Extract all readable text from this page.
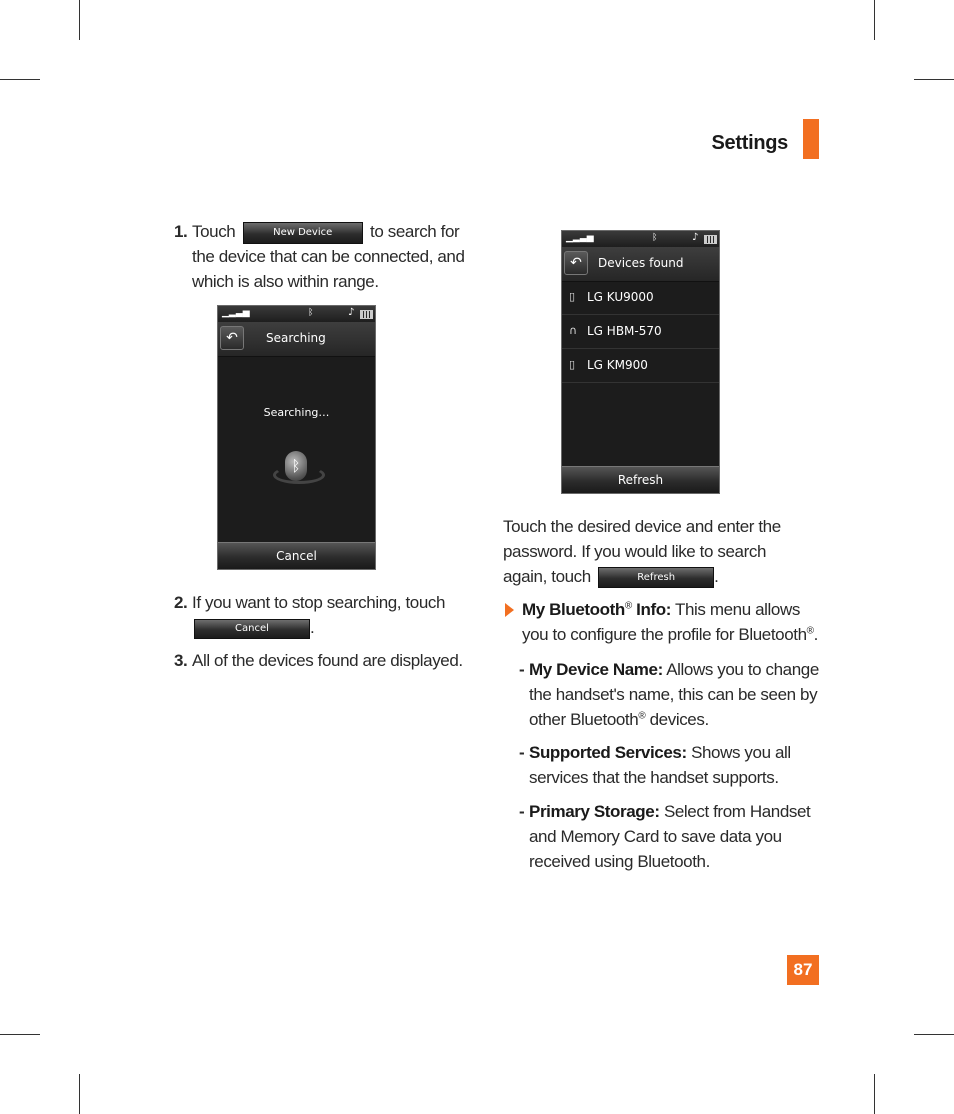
Settings
1. Touch	New Device to search for the device that can be connected, and which is also within range.
▁▂▃▅	ᛒ	♪
↶	Searching
Searching…
ᛒ
Cancel
2. If you want to stop searching, touch
Cancel .
3. All of the devices found are displayed.
▁▂▃▅	ᛒ	♪
↶	Devices found
▯ LG KU9000
∩ LG HBM-570
▯ LG KM900
Refresh
Touch the desired device and enter the password. If you would like to search again, touch	Refresh .
My Bluetooth® Info: This menu allows you to configure the profile for Bluetooth®.
- My Device Name: Allows you to change the handset's name, this can be seen by other Bluetooth® devices.
- Supported Services: Shows you all services that the handset supports.
- Primary Storage: Select from Handset and Memory Card to save data you received using Bluetooth.
87
